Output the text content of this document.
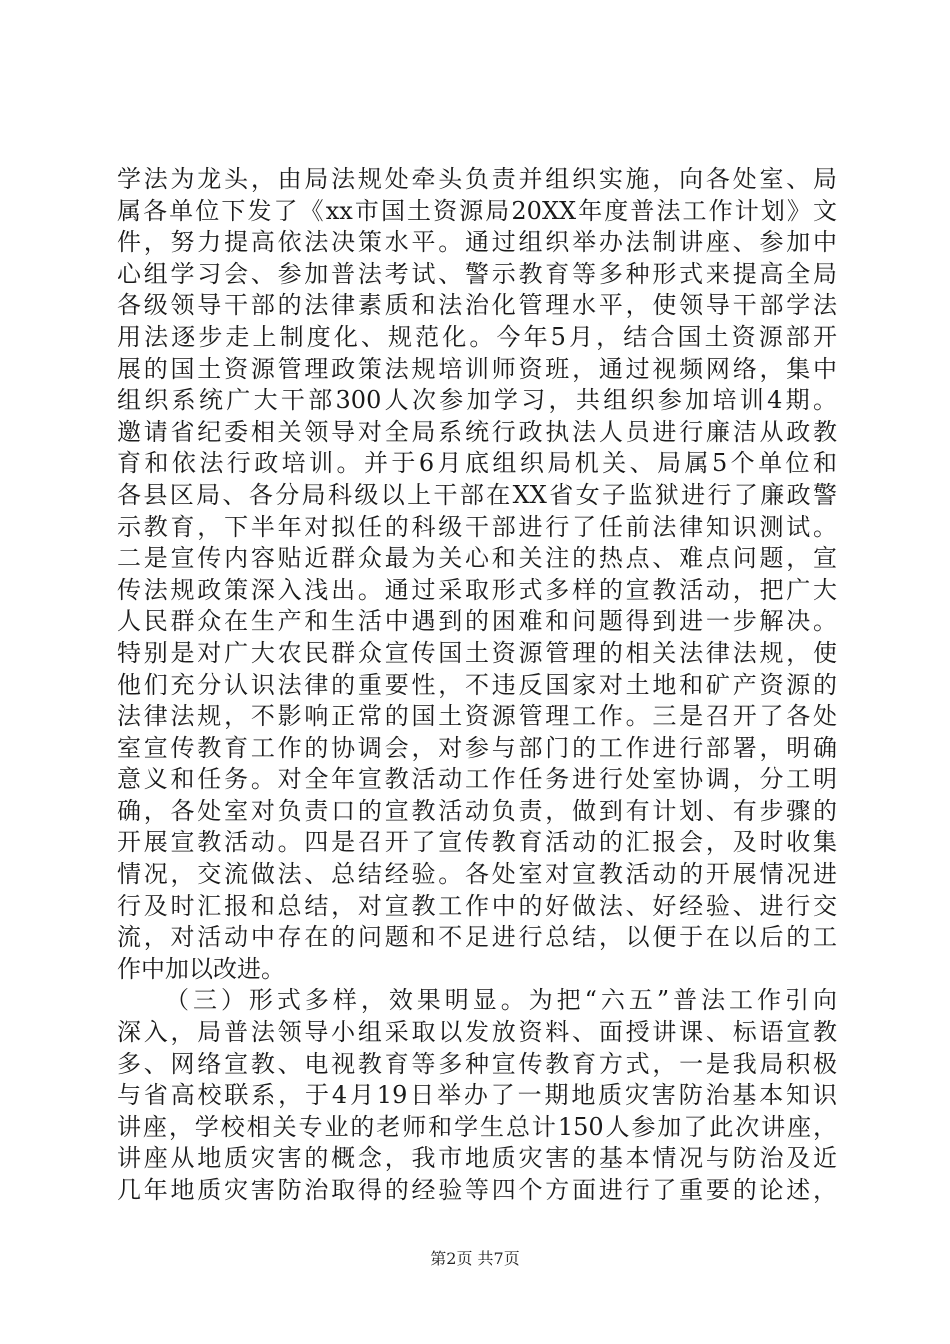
学法为龙头，由局法规处牵头负责并组织实施，向各处室、局
属各单位下发了《xx市国土资源局20XX年度普法工作计划》文
件，努力提高依法决策水平。通过组织举办法制讲座、参加中
心组学习会、参加普法考试、警示教育等多种形式来提高全局
各级领导干部的法律素质和法治化管理水平，使领导干部学法
用法逐步走上制度化、规范化。今年5月，结合国土资源部开
展的国土资源管理政策法规培训师资班，通过视频网络，集中
组织系统广大干部300人次参加学习，共组织参加培训4期。
邀请省纪委相关领导对全局系统行政执法人员进行廉洁从政教
育和依法行政培训。并于6月底组织局机关、局属5个单位和
各县区局、各分局科级以上干部在XX省女子监狱进行了廉政警
示教育，下半年对拟任的科级干部进行了任前法律知识测试。
二是宣传内容贴近群众最为关心和关注的热点、难点问题，宣
传法规政策深入浅出。通过采取形式多样的宣教活动，把广大
人民群众在生产和生活中遇到的困难和问题得到进一步解决。
特别是对广大农民群众宣传国土资源管理的相关法律法规，使
他们充分认识法律的重要性，不违反国家对土地和矿产资源的
法律法规，不影响正常的国土资源管理工作。三是召开了各处
室宣传教育工作的协调会，对参与部门的工作进行部署，明确
意义和任务。对全年宣教活动工作任务进行处室协调，分工明
确，各处室对负责口的宣教活动负责，做到有计划、有步骤的
开展宣教活动。四是召开了宣传教育活动的汇报会，及时收集
情况，交流做法、总结经验。各处室对宣教活动的开展情况进
行及时汇报和总结，对宣教工作中的好做法、好经验、进行交
流，对活动中存在的问题和不足进行总结，以便于在以后的工
作中加以改进。
（三）形式多样，效果明显。为把“六五”普法工作引向
深入，局普法领导小组采取以发放资料、面授讲课、标语宣教
多、网络宣教、电视教育等多种宣传教育方式，一是我局积极
与省高校联系，于4月19日举办了一期地质灾害防治基本知识
讲座，学校相关专业的老师和学生总计150人参加了此次讲座，
讲座从地质灾害的概念，我市地质灾害的基本情况与防治及近
几年地质灾害防治取得的经验等四个方面进行了重要的论述，
第2页 共7页
